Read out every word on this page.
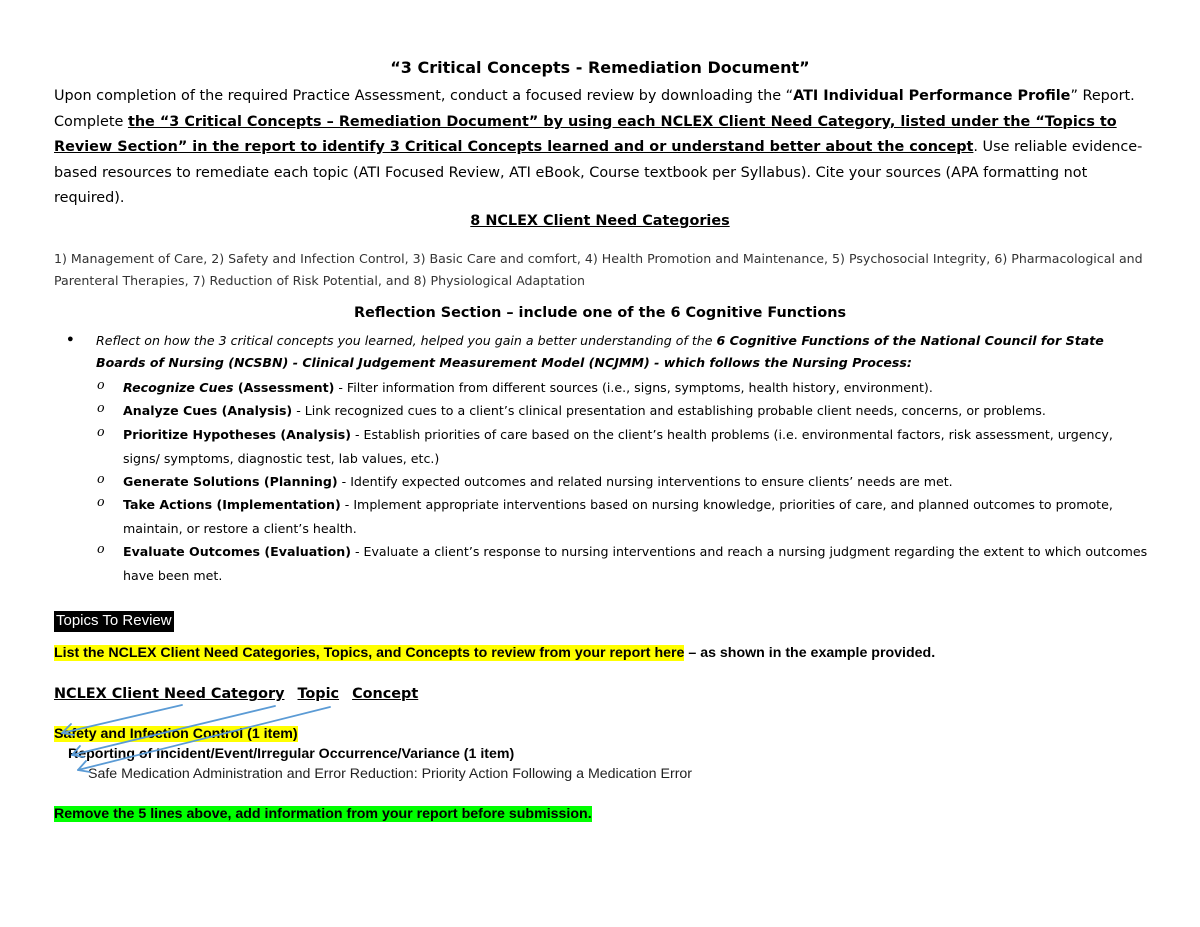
“3 Critical Concepts - Remediation Document”
Upon completion of the required Practice Assessment, conduct a focused review by downloading the “ATI Individual Performance Profile” Report.
Complete the “3 Critical Concepts – Remediation Document” by using each NCLEX Client Need Category, listed under the “Topics to Review Section” in the report to identify 3 Critical Concepts learned and or understand better about the concept. Use reliable evidence-based resources to remediate each topic (ATI Focused Review, ATI eBook, Course textbook per Syllabus). Cite your sources (APA formatting not required).
8 NCLEX Client Need Categories
1) Management of Care, 2) Safety and Infection Control, 3) Basic Care and comfort, 4) Health Promotion and Maintenance, 5) Psychosocial Integrity, 6) Pharmacological and Parenteral Therapies, 7) Reduction of Risk Potential, and 8) Physiological Adaptation
Reflection Section – include one of the 6 Cognitive Functions
● Reflect on how the 3 critical concepts you learned, helped you gain a better understanding of the 6 Cognitive Functions of the National Council for State Boards of Nursing (NCSBN) - Clinical Judgement Measurement Model (NCJMM) - which follows the Nursing Process:
o Recognize Cues (Assessment) - Filter information from different sources (i.e., signs, symptoms, health history, environment).
o Analyze Cues (Analysis) - Link recognized cues to a client’s clinical presentation and establishing probable client needs, concerns, or problems.
o Prioritize Hypotheses (Analysis) - Establish priorities of care based on the client’s health problems (i.e. environmental factors, risk assessment, urgency, signs/ symptoms, diagnostic test, lab values, etc.)
o Generate Solutions (Planning) - Identify expected outcomes and related nursing interventions to ensure clients’ needs are met.
o Take Actions (Implementation) - Implement appropriate interventions based on nursing knowledge, priorities of care, and planned outcomes to promote, maintain, or restore a client’s health.
o Evaluate Outcomes (Evaluation) - Evaluate a client’s response to nursing interventions and reach a nursing judgment regarding the extent to which outcomes have been met.
Topics To Review
List the NCLEX Client Need Categories, Topics, and Concepts to review from your report here – as shown in the example provided.
NCLEX Client Need Category Topic Concept
Safety and Infection Control (1 item)
Reporting of Incident/Event/Irregular Occurrence/Variance (1 item)
Safe Medication Administration and Error Reduction: Priority Action Following a Medication Error
Remove the 5 lines above, add information from your report before submission.
